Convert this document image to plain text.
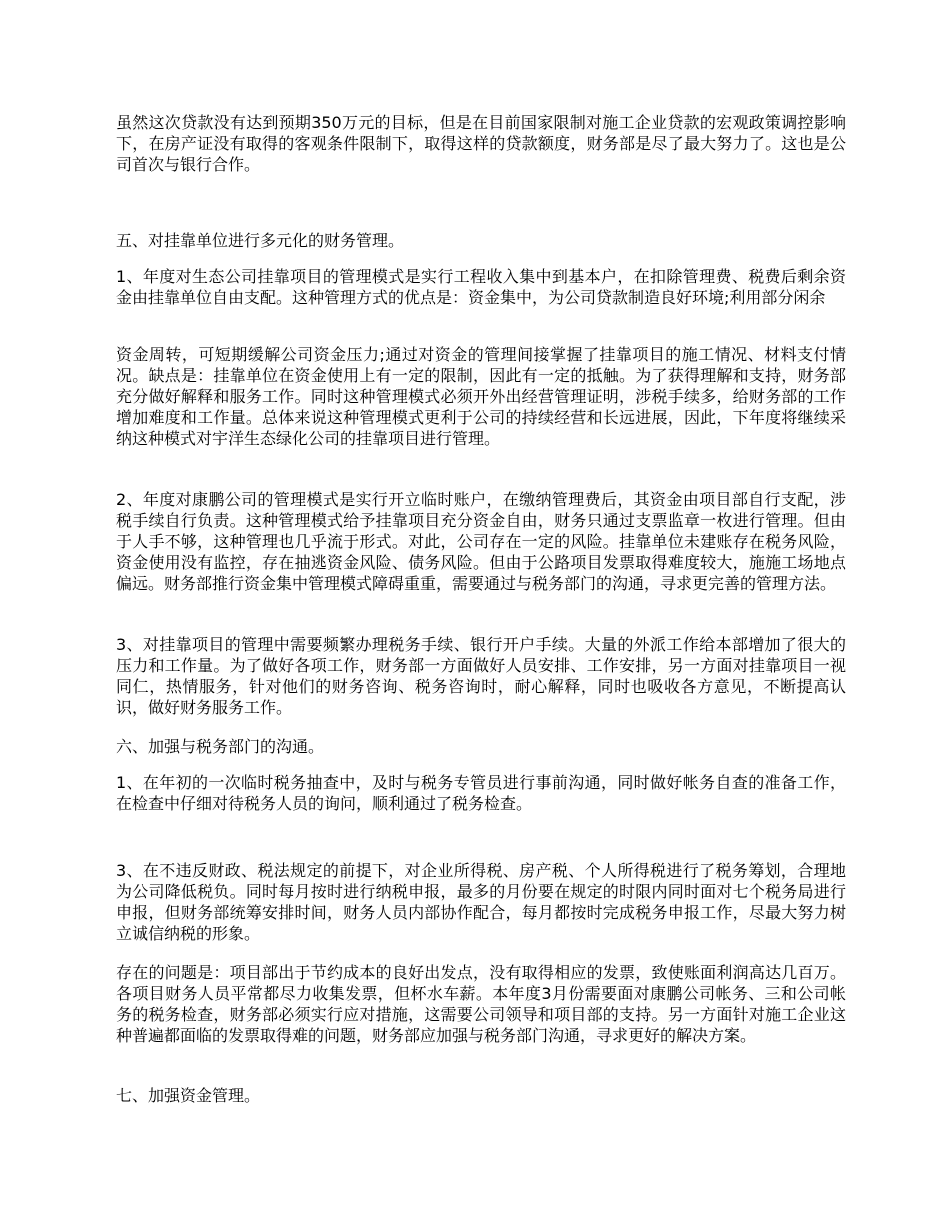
虽然这次贷款没有达到预期350万元的目标，但是在目前国家限制对施工企业贷款的宏观政策调控影响下，在房产证没有取得的客观条件限制下，取得这样的贷款额度，财务部是尽了最大努力了。这也是公司首次与银行合作。

五、对挂靠单位进行多元化的财务管理。

1、年度对生态公司挂靠项目的管理模式是实行工程收入集中到基本户，在扣除管理费、税费后剩余资金由挂靠单位自由支配。这种管理方式的优点是：资金集中，为公司贷款制造良好环境;利用部分闲余

资金周转，可短期缓解公司资金压力;通过对资金的管理间接掌握了挂靠项目的施工情况、材料支付情况。缺点是：挂靠单位在资金使用上有一定的限制，因此有一定的抵触。为了获得理解和支持，财务部充分做好解释和服务工作。同时这种管理模式必须开外出经营管理证明，涉税手续多，给财务部的工作增加难度和工作量。总体来说这种管理模式更利于公司的持续经营和长远进展，因此，下年度将继续采纳这种模式对宇洋生态绿化公司的挂靠项目进行管理。

2、年度对康鹏公司的管理模式是实行开立临时账户，在缴纳管理费后，其资金由项目部自行支配，涉税手续自行负责。这种管理模式给予挂靠项目充分资金自由，财务只通过支票监章一枚进行管理。但由于人手不够，这种管理也几乎流于形式。对此，公司存在一定的风险。挂靠单位未建账存在税务风险，资金使用没有监控，存在抽逃资金风险、债务风险。但由于公路项目发票取得难度较大，施施工场地点偏远。财务部推行资金集中管理模式障碍重重，需要通过与税务部门的沟通，寻求更完善的管理方法。

3、对挂靠项目的管理中需要频繁办理税务手续、银行开户手续。大量的外派工作给本部增加了很大的压力和工作量。为了做好各项工作，财务部一方面做好人员安排、工作安排，另一方面对挂靠项目一视同仁，热情服务，针对他们的财务咨询、税务咨询时，耐心解释，同时也吸收各方意见，不断提高认识，做好财务服务工作。

六、加强与税务部门的沟通。

1、在年初的一次临时税务抽查中，及时与税务专管员进行事前沟通，同时做好帐务自查的准备工作，在检查中仔细对待税务人员的询问，顺利通过了税务检查。

3、在不违反财政、税法规定的前提下，对企业所得税、房产税、个人所得税进行了税务筹划，合理地为公司降低税负。同时每月按时进行纳税申报，最多的月份要在规定的时限内同时面对七个税务局进行申报，但财务部统筹安排时间，财务人员内部协作配合，每月都按时完成税务申报工作，尽最大努力树立诚信纳税的形象。

存在的问题是：项目部出于节约成本的良好出发点，没有取得相应的发票，致使账面利润高达几百万。各项目财务人员平常都尽力收集发票，但杯水车薪。本年度3月份需要面对康鹏公司帐务、三和公司帐务的税务检查，财务部必须实行应对措施，这需要公司领导和项目部的支持。另一方面针对施工企业这种普遍都面临的发票取得难的问题，财务部应加强与税务部门沟通，寻求更好的解决方案。

七、加强资金管理。
